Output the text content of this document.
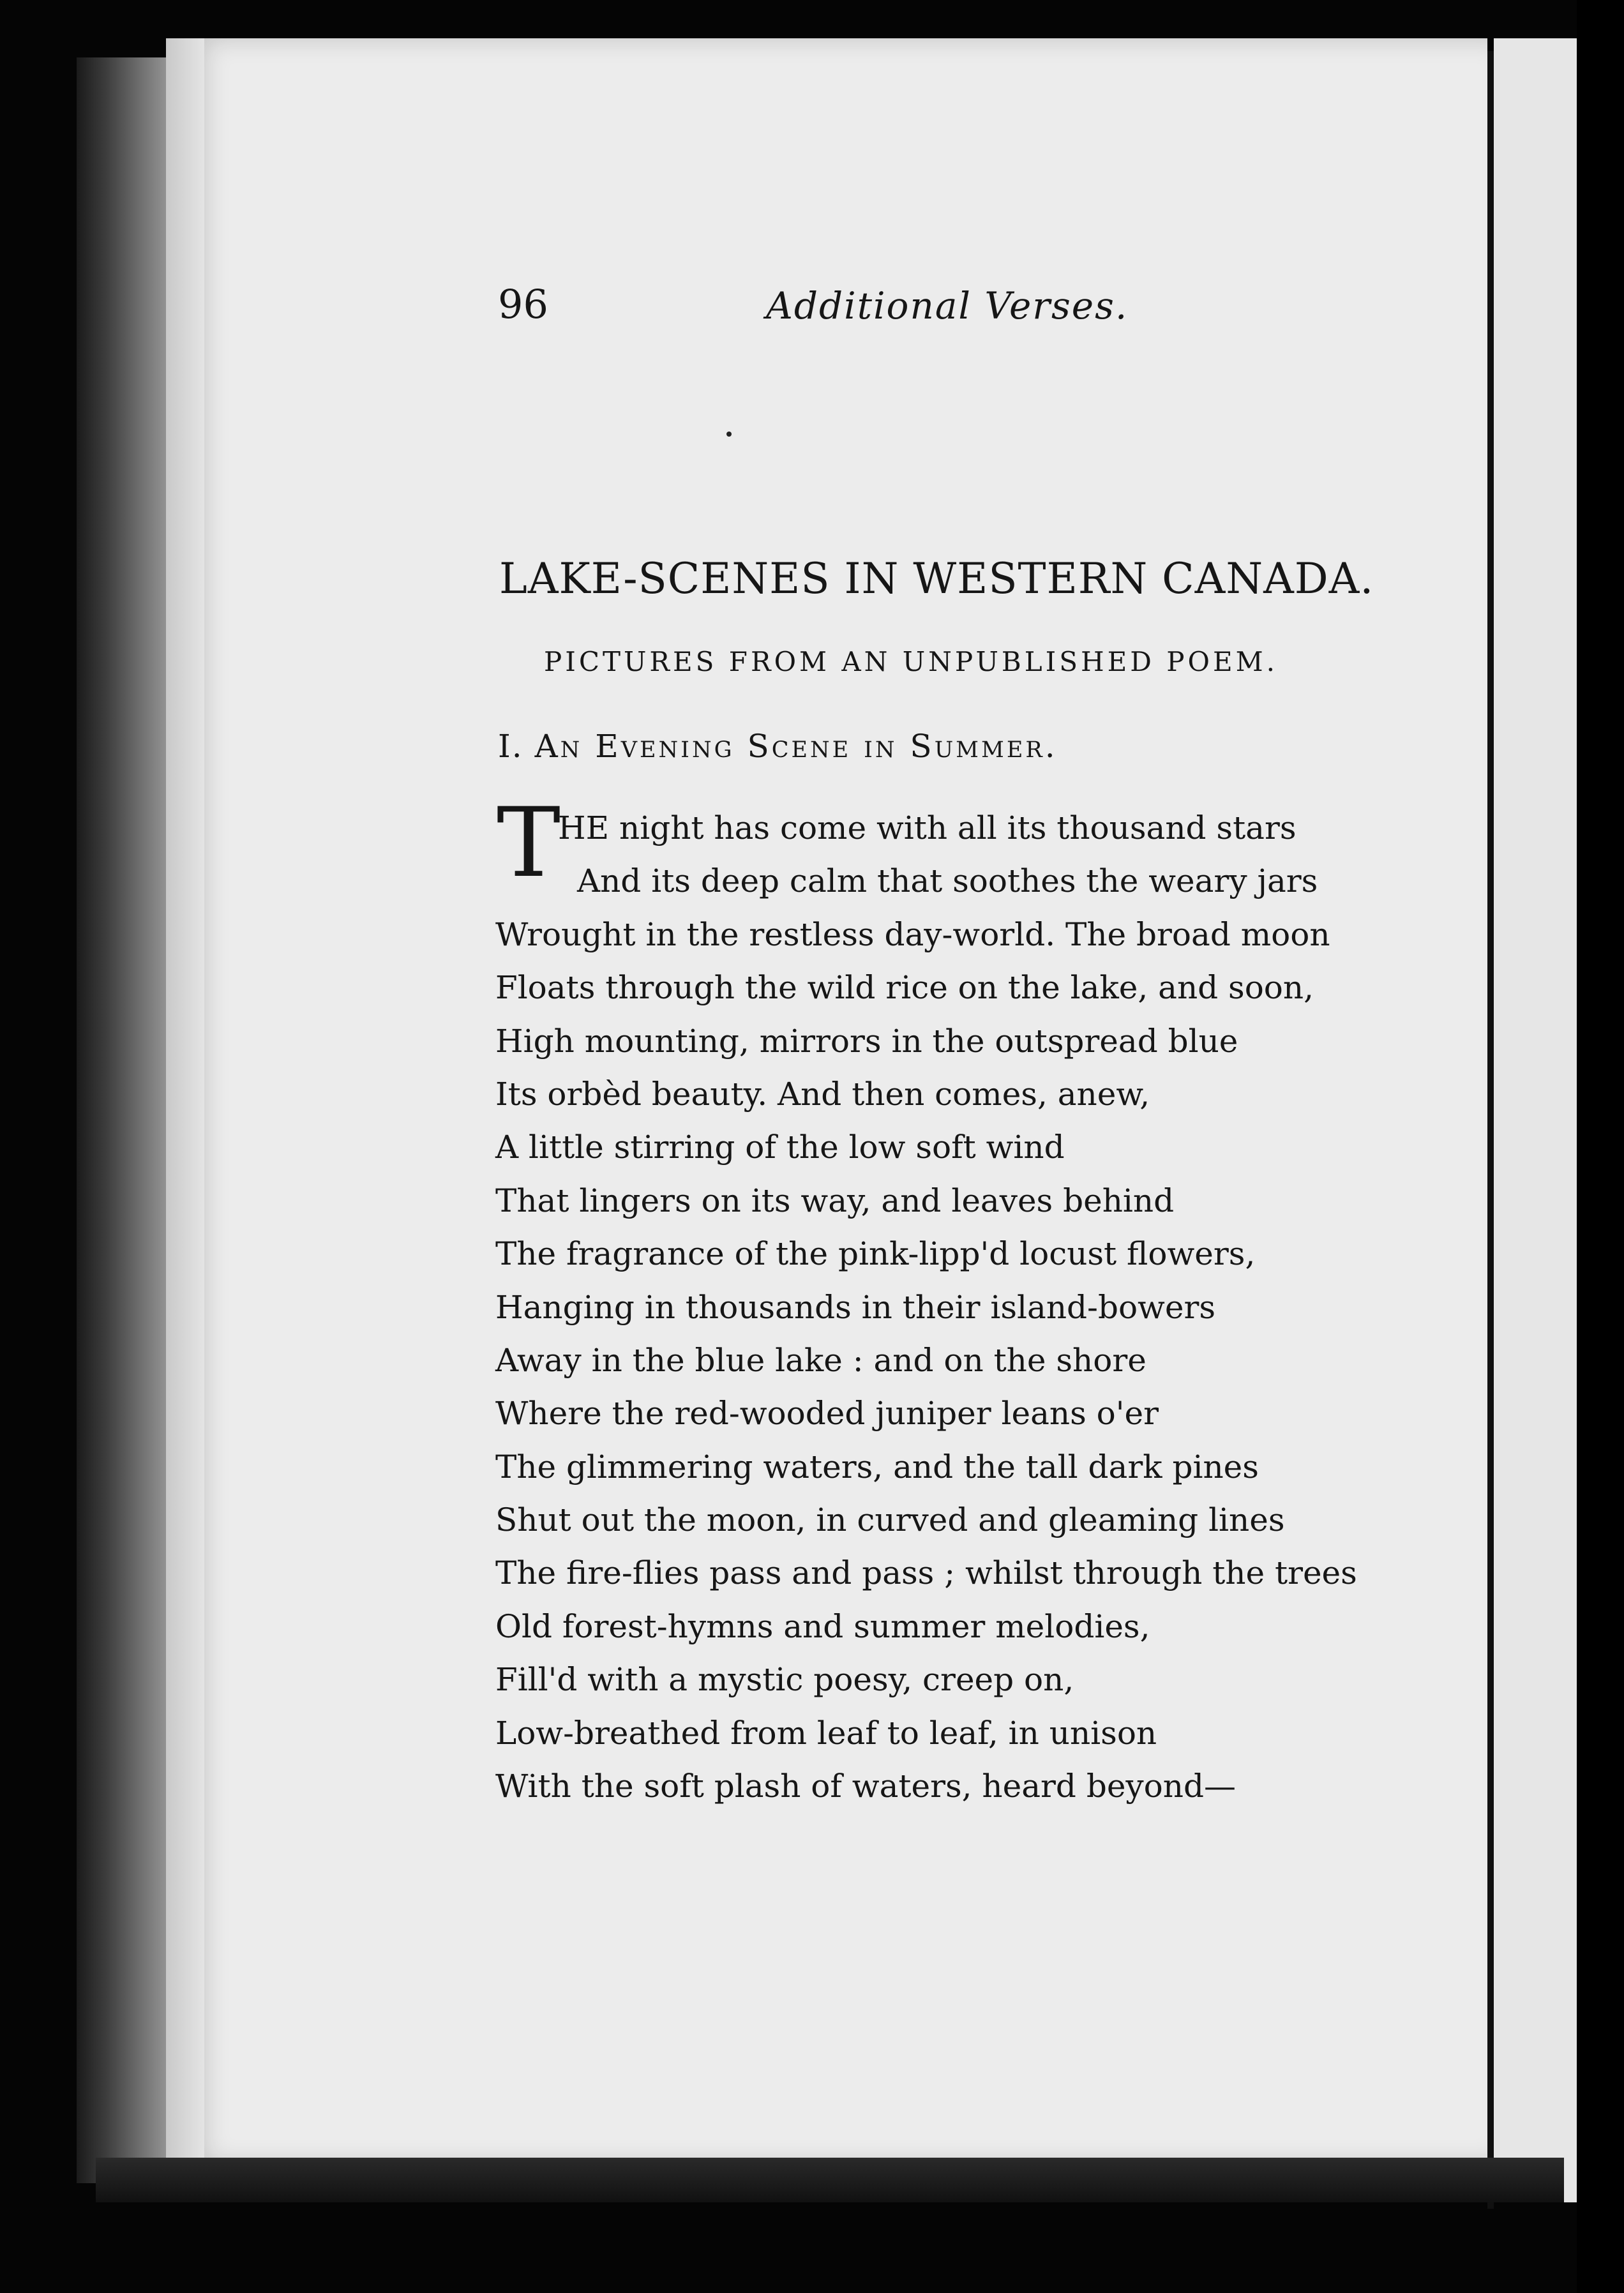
96	Additional Verses.
LAKE-SCENES IN WESTERN CANADA.
PICTURES FROM AN UNPUBLISHED POEM.
I. An Evening Scene in Summer.
T
HE night has come with all its thousand stars
And its deep calm that soothes the weary jars
Wrought in the restless day-world. The broad moon
Floats through the wild rice on the lake, and soon,
High mounting, mirrors in the outspread blue
Its orbèd beauty. And then comes, anew,
A little stirring of the low soft wind
That lingers on its way, and leaves behind
The fragrance of the pink-lipp'd locust flowers,
Hanging in thousands in their island-bowers
Away in the blue lake : and on the shore
Where the red-wooded juniper leans o'er
The glimmering waters, and the tall dark pines
Shut out the moon, in curved and gleaming lines
The fire-flies pass and pass ; whilst through the trees
Old forest-hymns and summer melodies,
Fill'd with a mystic poesy, creep on,
Low-breathed from leaf to leaf, in unison
With the soft plash of waters, heard beyond—
